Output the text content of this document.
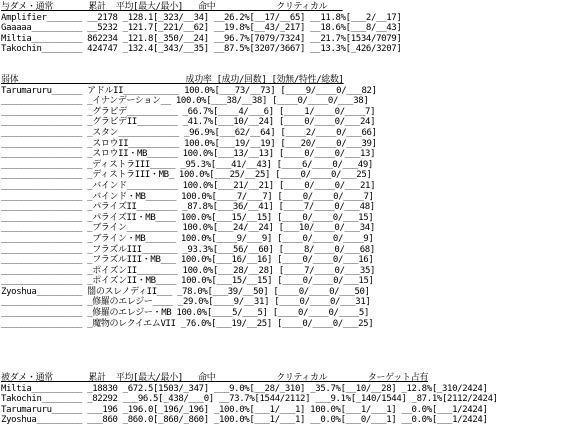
与ダメ・通常____ __累計 _平均[最大/最小] __命中_________ __クリティカル___
Amplifier_______ __2178 _128.1[_323/__34] __26.2%[__17/__65] __11.8%[___2/__17]
Gaaaaa__________ __5232 _121.7[_221/__62] __19.8%[__43/_217] __18.6%[___8/__43]
Miltia__________ 862234 _121.8[_350/__24] __96.7%[7079/7324] __21.7%[1534/7079]
Takochin________ 424747 _132.4[_343/__35] __87.5%[3207/3667] __13.3%[_426/3207]
弱体________________________________ 成功率 [成功/回数] [効無/特性/総数]
Tarumaruru______ アドルII___________ 100.0%[___73/__73] [____9/____0/___82]
________________ _イナンデーション__ 100.0%[___38/__38] [____0/____0/___38]
________________ _グラビデ__________ _66.7%[____4/___6] [____1/____0/____7]
________________ _グラビデII________ _41.7%[___10/__24] [____0/____0/___24]
________________ _スタン____________ _96.9%[___62/__64] [____2/____0/___66]
________________ _スロウII__________ 100.0%[___19/__19] [___20/____0/___39]
________________ _スロウII・MB______ 100.0%[___13/__13] [____0/____0/___13]
________________ _ディストラIII_____ _95.3%[___41/__43] [____6/____0/___49]
________________ _ディストラIII・MB_ 100.0%[___25/__25] [____0/____0/___25]
________________ _バインド__________ 100.0%[___21/__21] [____0/____0/___21]
________________ _バインド・MB______ 100.0%[____7/___7] [____0/____0/____7]
________________ _パライズII________ _87.8%[___36/__41] [____7/____0/___48]
________________ _パライズII・MB____ 100.0%[___15/__15] [____0/____0/___15]
________________ _ブライン__________ 100.0%[___24/__24] [___10/____0/___34]
________________ _ブライン・MB______ 100.0%[____9/___9] [____0/____0/____9]
________________ _フラズルIII_______ _93.3%[___56/__60] [____8/____0/___68]
________________ _フラズルIII・MB___ 100.0%[___16/__16] [____0/____0/___16]
________________ _ポイズンII________ 100.0%[___28/__28] [____7/____0/___35]
________________ _ポイズンII・MB____ 100.0%[___15/__15] [____0/____0/___15]
Zyoshua_________ 闇のスレノディII___ _78.0%[___39/__50] [____0/____0/___50]
________________ _修羅のエレジー____ _29.0%[____9/__31] [____0/____0/___31]
________________ _修羅のエレジー・MB 100.0%[____5/___5] [____0/____0/____5]
________________ _魔物のレクイエムVII _76.0%[___19/__25] [____0/____0/___25]
被ダメ・通常____ __累計 _平均[最大/最小] __命中_________ __クリティカル___ ____ターゲット占有
Miltia__________ _18830 _672.5[1503/_347] ___9.0%[__28/_310] _35.7%[__10/__28] _12.8%[_310/2424]
Takochin________ _82292 ___96.5[_438/___0] __73.7%[1544/2112] ___9.1%[_140/1544] _87.1%[2112/2424]
Tarumaruru______ ___196 _196.0[_196/_196] _100.0%[___1/___1] 100.0%[___1/___1] __0.0%[___1/2424]
Zyoshua_________ ___860 _860.0[_860/_860] _100.0%[___1/___1] __0.0%[___0/___1] __0.0%[___1/2424]
